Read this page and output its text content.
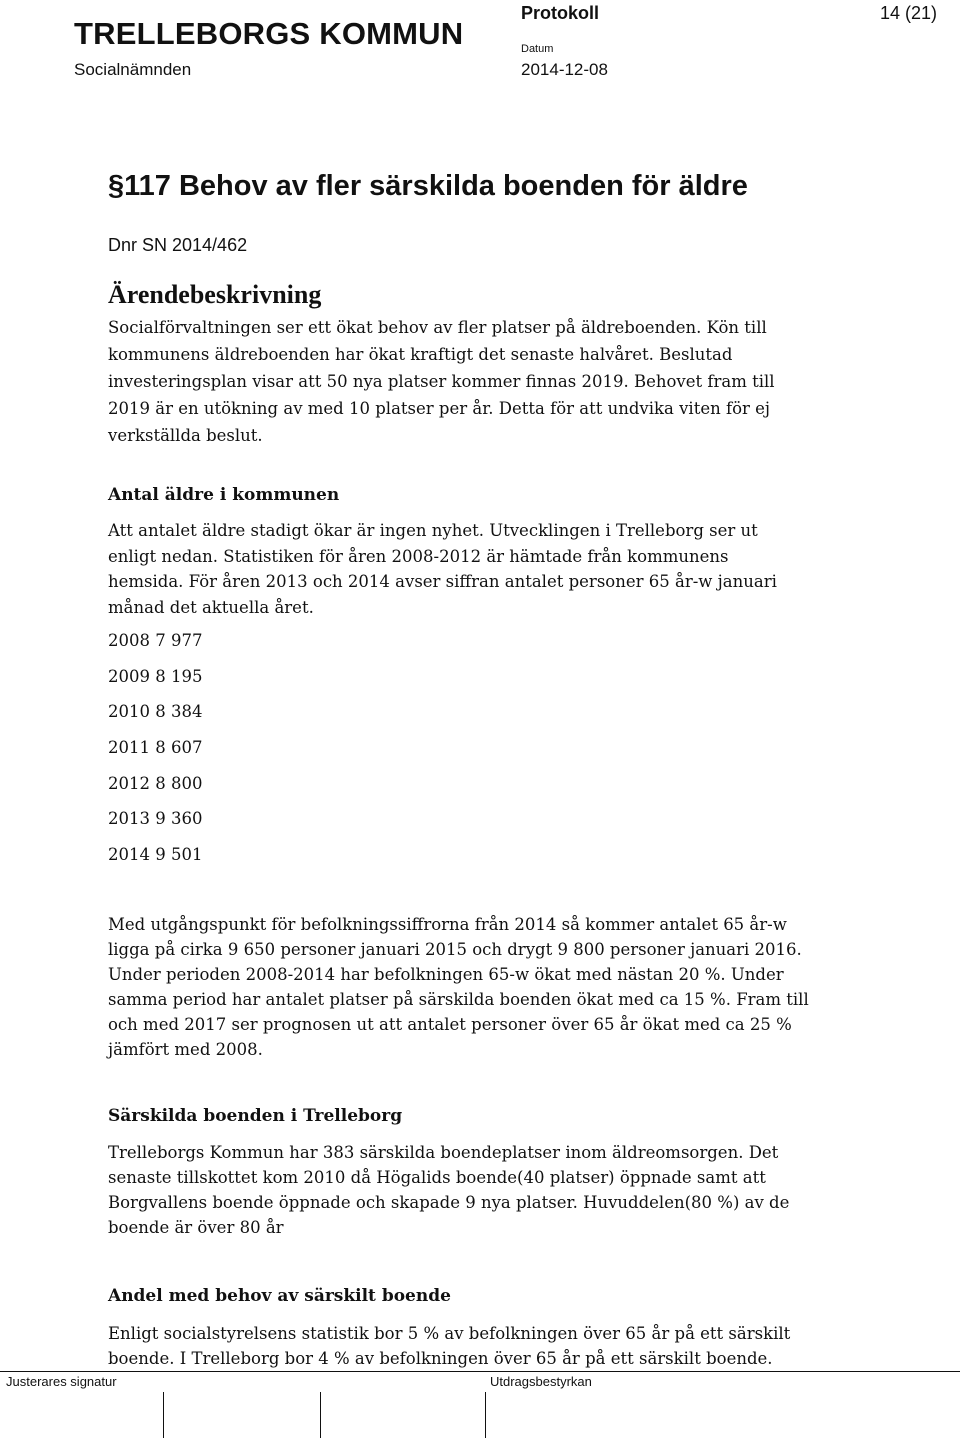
TRELLEBORGS KOMMUN
Socialnämnden
Protokoll	14 (21)
Datum
2014-12-08
§117 Behov av fler särskilda boenden för äldre
Dnr SN 2014/462
Ärendebeskrivning

Socialförvaltningen ser ett ökat behov av fler platser på äldreboenden. Kön till kommunens äldreboenden har ökat kraftigt det senaste halvåret. Beslutad investeringsplan visar att 50 nya platser kommer finnas 2019. Behovet fram till 2019 är en utökning av med 10 platser per år. Detta för att undvika viten för ej verkställda beslut.

Antal äldre i kommunen

Att antalet äldre stadigt ökar är ingen nyhet. Utvecklingen i Trelleborg ser ut enligt nedan. Statistiken för åren 2008-2012 är hämtade från kommunens hemsida. För åren 2013 och 2014 avser siffran antalet personer 65 år-w januari månad det aktuella året.

2008 7 977
2009 8 195
2010 8 384
2011 8 607
2012 8 800
2013 9 360
2014 9 501

Med utgångspunkt för befolkningssiffrorna från 2014 så kommer antalet 65 år-w ligga på cirka 9 650 personer januari 2015 och drygt 9 800 personer januari 2016. Under perioden 2008-2014 har befolkningen 65-w ökat med nästan 20 %. Under samma period har antalet platser på särskilda boenden ökat med ca 15 %. Fram till och med 2017 ser prognosen ut att antalet personer över 65 år ökat med ca 25 % jämfört med 2008.

Särskilda boenden i Trelleborg

Trelleborgs Kommun har 383 särskilda boendeplatser inom äldreomsorgen. Det senaste tillskottet kom 2010 då Högalids boende(40 platser) öppnade samt att Borgvallens boende öppnade och skapade 9 nya platser. Huvuddelen(80 %) av de boende är över 80 år

Andel med behov av särskilt boende

Enligt socialstyrelsens statistik bor 5 % av befolkningen över 65 år på ett särskilt boende. I Trelleborg bor 4 % av befolkningen över 65 år på ett särskilt boende.

Justerares signatur	Utdragsbestyrkan
